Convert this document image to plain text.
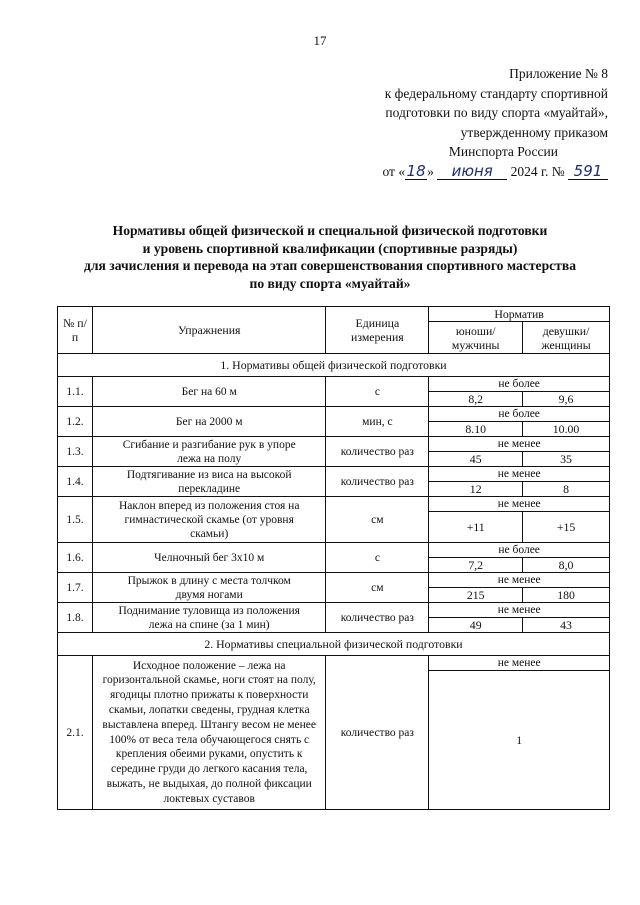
17
Приложение № 8
к федеральному стандарту спортивной
подготовки по виду спорта «муайтай»,
утвержденному приказом
Минспорта России
от «18» июня 2024 г. № 591
Нормативы общей физической и специальной физической подготовки
и уровень спортивной квалификации (спортивные разряды)
для зачисления и перевода на этап совершенствования спортивного мастерства
по виду спорта «муайтай»
№ п/п	Упражнения	Единица измерения	Норматив	
			юноши/ мужчины	девушки/ женщины
1. Нормативы общей физической подготовки				
1.1.	Бег на 60 м	с	не более	
			8,2	9,6
1.2.	Бег на 2000 м	мин, с	не более	
			8.10	10.00
1.3.	Сгибание и разгибание рук в упоре лежа на полу	количество раз	не менее	
			45	35
1.4.	Подтягивание из виса на высокой перекладине	количество раз	не менее	
			12	8
1.5.	Наклон вперед из положения стоя на гимнастической скамье (от уровня скамьи)	см	не менее	
			+11	+15
1.6.	Челночный бег 3х10 м	с	не более	
			7,2	8,0
1.7.	Прыжок в длину с места толчком двумя ногами	см	не менее	
			215	180
1.8.	Поднимание туловища из положения лежа на спине (за 1 мин)	количество раз	не менее	
			49	43
2. Нормативы специальной физической подготовки				
2.1.	Исходное положение – лежа на горизонтальной скамье, ноги стоят на полу, ягодицы плотно прижаты к поверхности скамьи, лопатки сведены, грудная клетка выставлена вперед. Штангу весом не менее 100% от веса тела обучающегося снять с крепления обеими руками, опустить к середине груди до легкого касания тела, выжать, не выдыхая, до полной фиксации локтевых суставов	количество раз	не менее	
			1	
